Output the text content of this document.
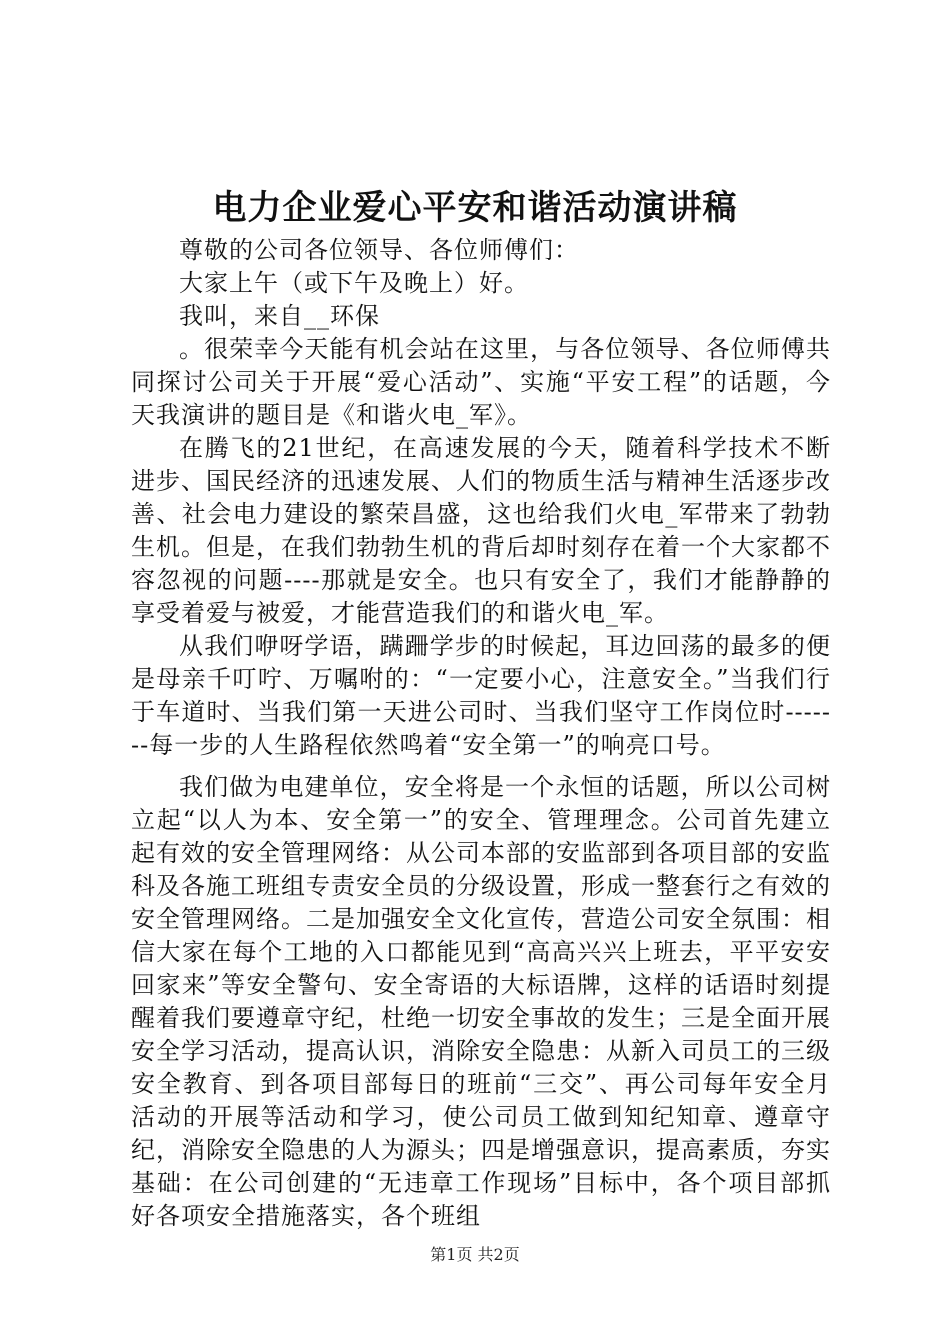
电力企业爱心平安和谐活动演讲稿

尊敬的公司各位领导、各位师傅们：

大家上午（或下午及晚上）好。

我叫，来自__环保

。很荣幸今天能有机会站在这里，与各位领导、各位师傅共同探讨公司关于开展“爱心活动”、实施“平安工程”的话题，今天我演讲的题目是《和谐火电_军》。

在腾飞的21世纪，在高速发展的今天，随着科学技术不断进步、国民经济的迅速发展、人们的物质生活与精神生活逐步改善、社会电力建设的繁荣昌盛，这也给我们火电_军带来了勃勃生机。但是，在我们勃勃生机的背后却时刻存在着一个大家都不容忽视的问题----那就是安全。也只有安全了，我们才能静静的享受着爱与被爱，才能营造我们的和谐火电_军。

从我们咿呀学语，蹒跚学步的时候起，耳边回荡的最多的便是母亲千叮咛、万嘱咐的：“一定要小心，注意安全。”当我们行于车道时、当我们第一天进公司时、当我们坚守工作岗位时-------每一步的人生路程依然鸣着“安全第一”的响亮口号。

我们做为电建单位，安全将是一个永恒的话题，所以公司树立起“以人为本、安全第一”的安全、管理理念。公司首先建立起有效的安全管理网络：从公司本部的安监部到各项目部的安监科及各施工班组专责安全员的分级设置，形成一整套行之有效的安全管理网络。二是加强安全文化宣传，营造公司安全氛围：相信大家在每个工地的入口都能见到“高高兴兴上班去，平平安安回家来”等安全警句、安全寄语的大标语牌，这样的话语时刻提醒着我们要遵章守纪，杜绝一切安全事故的发生；三是全面开展安全学习活动，提高认识，消除安全隐患：从新入司员工的三级安全教育、到各项目部每日的班前“三交”、再公司每年安全月活动的开展等活动和学习，使公司员工做到知纪知章、遵章守纪，消除安全隐患的人为源头；四是增强意识，提高素质，夯实基础：在公司创建的“无违章工作现场”目标中，各个项目部抓好各项安全措施落实，各个班组

第1页 共2页
